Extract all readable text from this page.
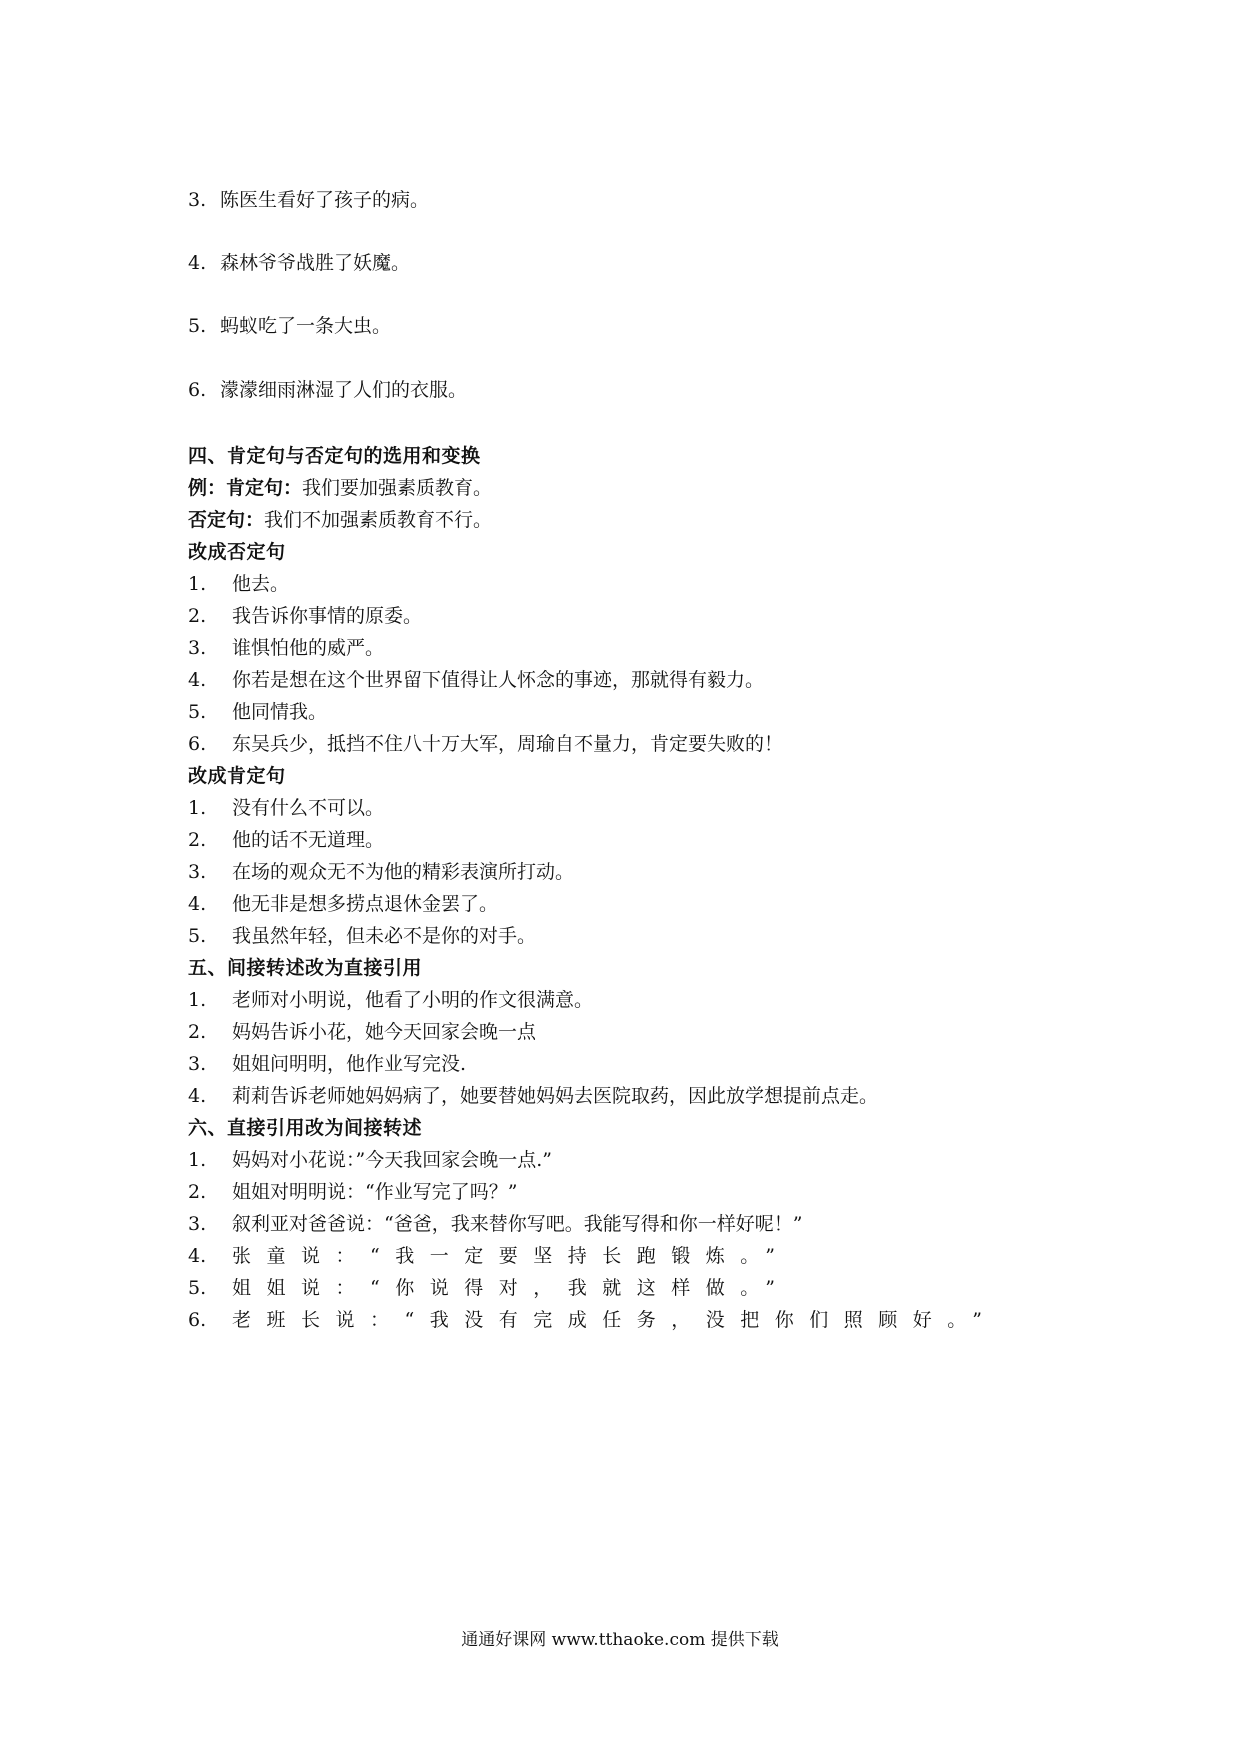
3. 陈医生看好了孩子的病。
4. 森林爷爷战胜了妖魔。
5. 蚂蚁吃了一条大虫。
6. 濛濛细雨淋湿了人们的衣服。
四、肯定句与否定句的选用和变换
例：肯定句：我们要加强素质教育。
否定句：我们不加强素质教育不行。
改成否定句
1. 他去。
2. 我告诉你事情的原委。
3. 谁惧怕他的威严。
4. 你若是想在这个世界留下值得让人怀念的事迹，那就得有毅力。
5. 他同情我。
6. 东吴兵少，抵挡不住八十万大军，周瑜自不量力，肯定要失败的！
改成肯定句
1. 没有什么不可以。
2. 他的话不无道理。
3. 在场的观众无不为他的精彩表演所打动。
4. 他无非是想多捞点退休金罢了。
5. 我虽然年轻，但未必不是你的对手。
五、间接转述改为直接引用
1. 老师对小明说，他看了小明的作文很满意。
2. 妈妈告诉小花，她今天回家会晚一点
3. 姐姐问明明，他作业写完没.
4. 莉莉告诉老师她妈妈病了，她要替她妈妈去医院取药，因此放学想提前点走。
六、直接引用改为间接转述
1. 妈妈对小花说：”今天我回家会晚一点.”
2. 姐姐对明明说：“作业写完了吗？”
3. 叙利亚对爸爸说：“爸爸，我来替你写吧。我能写得和你一样好呢！”
4. 张童说：“我一定要坚持长跑锻炼。”
5. 姐姐说：“你说得对，我就这样做。”
6. 老班长说：“我没有完成任务，没把你们照顾好。”
通通好课网 www.tthaoke.com 提供下载
